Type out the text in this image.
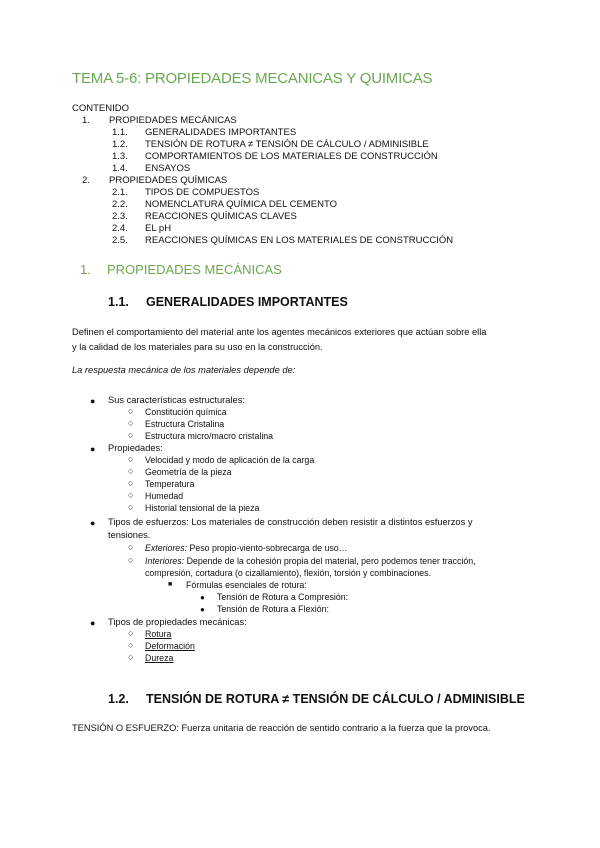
TEMA 5-6: PROPIEDADES MECANICAS Y QUIMICAS
CONTENIDO
1. PROPIEDADES MECÁNICAS
1.1. GENERALIDADES IMPORTANTES
1.2. TENSIÓN DE ROTURA ≠ TENSIÓN DE CÁLCULO / ADMINISIBLE
1.3. COMPORTAMIENTOS DE LOS MATERIALES DE CONSTRUCCIÓN
1.4. ENSAYOS
2. PROPIEDADES QUÍMICAS
2.1. TIPOS DE COMPUESTOS
2.2. NOMENCLATURA QUÍMICA DEL CEMENTO
2.3. REACCIONES QUÍMICAS CLAVES
2.4. EL pH
2.5. REACCIONES QUÍMICAS EN LOS MATERIALES DE CONSTRUCCIÓN
1. PROPIEDADES MECÁNICAS
1.1. GENERALIDADES IMPORTANTES
Definen el comportamiento del material ante los agentes mecánicos exteriores que actúan sobre ella
y la calidad de los materiales para su uso en la construcción.
La respuesta mecánica de los materiales depende de:
● Sus características estructurales:
○ Constitución química
○ Estructura Cristalina
○ Estructura micro/macro cristalina
● Propiedades:
○ Velocidad y modo de aplicación de la carga
○ Geometría de la pieza
○ Temperatura
○ Humedad
○ Historial tensional de la pieza
● Tipos de esfuerzos: Los materiales de construcción deben resistir a distintos esfuerzos y
tensiones.
○ Exteriores: Peso propio-viento-sobrecarga de uso…
○ Interiores: Depende de la cohesión propia del material, pero podemos tener tracción,
compresión, cortadura (o cizallamiento), flexión, torsión y combinaciones.
■ Fórmulas esenciales de rotura:
● Tensión de Rotura a Compresión:
● Tensión de Rotura a Flexión:
● Tipos de propiedades mecánicas:
○ Rotura
○ Deformación
○ Dureza
1.2. TENSIÓN DE ROTURA ≠ TENSIÓN DE CÁLCULO / ADMINISIBLE
TENSIÓN O ESFUERZO: Fuerza unitaria de reacción de sentido contrario a la fuerza que la provoca.
